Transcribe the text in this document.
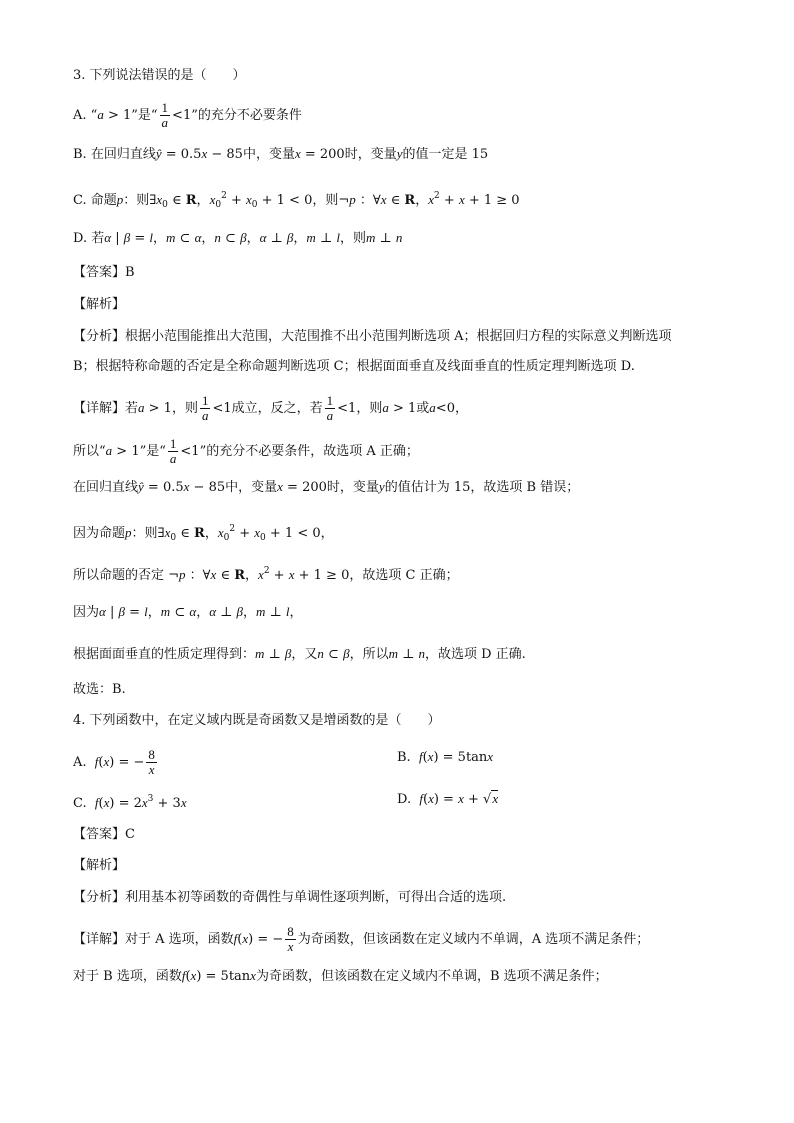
3. 下列说法错误的是（　　）
A. “a > 1”是“ $\frac{1}{a} <1$”的充分不必要条件
B. 在回归直线ŷ = 0.5x − 85中，变量x = 200时，变量y的值一定是 15
C. 命题p：则$\exists x_0$ ∈ R，$x_0^2 + x_0 + 1 < 0$，则¬p ：∀x ∈ R，$x^2 + x + 1 \ge 0$
D. 若α | β = l，m ⊂ α，n ⊂ β，α ⊥ β，m ⊥ l，则m ⊥ n
【答案】B
【解析】
【分析】根据小范围能推出大范围，大范围推不出小范围判断选项 A；根据回归方程的实际意义判断选项
B；根据特称命题的否定是全称命题判断选项 C；根据面面垂直及线面垂直的性质定理判断选项 D.
【详解】若a > 1，则 $\frac{1}{a} <1$成立，反之，若 $\frac{1}{a} <1$，则a > 1或a<0，
所以“a > 1”是“ $\frac{1}{a} <1$”的充分不必要条件，故选项 A 正确；
在回归直线ŷ = 0.5x − 85中，变量x = 200时，变量y的值估计为 15，故选项 B 错误；
因为命题p：则$\exists x_0$ ∈ R，$x_0^2 + x_0 + 1 < 0$，
所以命题的否定 ¬p ：∀x ∈ R，$x^2 + x + 1 \ge 0$，故选项 C 正确；
因为α | β = l，m ⊂ α，α ⊥ β，m ⊥ l，
根据面面垂直的性质定理得到：m ⊥ β，又n ⊂ β，所以m ⊥ n，故选项 D 正确.
故选：B.
4. 下列函数中，在定义域内既是奇函数又是增函数的是（　　）
A. f(x) = − $\frac{8}{x}$	B. f(x) = 5tanx
C. $f(x) = 2x^3 + 3x$	D. f(x) = x + √x
【答案】C
【解析】
【分析】利用基本初等函数的奇偶性与单调性逐项判断，可得出合适的选项.
【详解】对于 A 选项，函数f(x) = − $\frac{8}{x}$ 为奇函数，但该函数在定义域内不单调，A 选项不满足条件；
对于 B 选项，函数f(x) = 5tanx为奇函数，但该函数在定义域内不单调，B 选项不满足条件；
